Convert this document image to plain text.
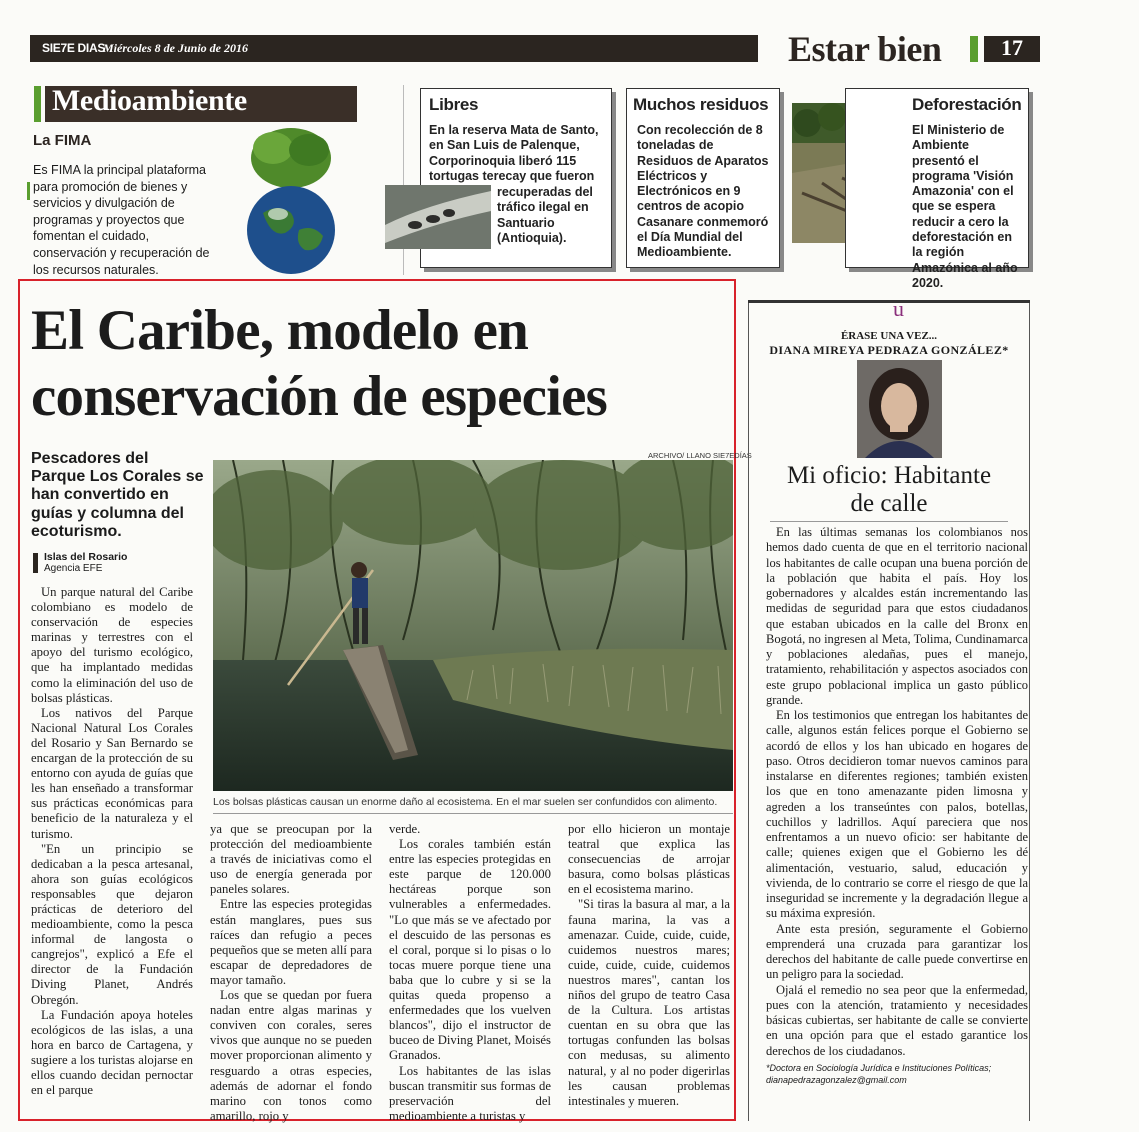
SIE7E DIAS
Miércoles 8 de Junio de 2016	Estar bien	17
Medioambiente
La FIMA
Es FIMA la principal plataforma para promoción de bienes y servicios y divulgación de programas y proyectos que fomentan el cuidado, conservación y recuperación de los recursos naturales.
Libres
En la reserva Mata de Santo, en San Luis de Palenque, Corporinoquia liberó 115 tortugas terecay que fueron
recuperadas del tráfico ilegal en Santuario (Antioquia).
Muchos residuos
Con recolección de 8 toneladas de Residuos de Aparatos Eléctricos y Electrónicos en 9 centros de acopio Casanare conmemoró el Día Mundial del Medioambiente.
Deforestación
El Ministerio de Ambiente presentó el programa 'Visión Amazonia' con el que se espera reducir a cero la deforestación en la región Amazónica al año 2020.
El Caribe, modelo en
conservación de especies
Pescadores del Parque Los Corales se han convertido en guías y columna del ecoturismo.
Islas del Rosario
Agencia EFE
ARCHIVO/ LLANO SIE7EDÍAS
Los bolsas plásticas causan un enorme daño al ecosistema. En el mar suelen ser confundidos con alimento.

Un parque natural del Caribe colombiano es modelo de conservación de especies marinas y terrestres con el apoyo del turismo ecológico, que ha implantado medidas como la eliminación del uso de bolsas plásticas.

Los nativos del Parque Nacional Natural Los Corales del Rosario y San Bernardo se encargan de la protección de su entorno con ayuda de guías que les han enseñado a transformar sus prácticas económicas para beneficio de la naturaleza y el turismo.

"En un principio se dedicaban a la pesca artesanal, ahora son guías ecológicos responsables que dejaron prácticas de deterioro del medioambiente, como la pesca informal de langosta o cangrejos", explicó a Efe el director de la Fundación Diving Planet, Andrés Obregón.

La Fundación apoya hoteles ecológicos de las islas, a una hora en barco de Cartagena, y sugiere a los turistas alojarse en ellos cuando decidan pernoctar en el parque

ya que se preocupan por la protección del medioambiente a través de iniciativas como el uso de energía generada por paneles solares.

Entre las especies protegidas están manglares, pues sus raíces dan refugio a peces pequeños que se meten allí para escapar de depredadores de mayor tamaño.

Los que se quedan por fuera nadan entre algas marinas y conviven con corales, seres vivos que aunque no se pueden mover proporcionan alimento y resguardo a otras especies, además de adornar el fondo marino con tonos como amarillo, rojo y

verde.

Los corales también están entre las especies protegidas en este parque de 120.000 hectáreas porque son vulnerables a enfermedades. "Lo que más se ve afectado por el descuido de las personas es el coral, porque si lo pisas o lo tocas muere porque tiene una baba que lo cubre y si se la quitas queda propenso a enfermedades que los vuelven blancos", dijo el instructor de buceo de Diving Planet, Moisés Granados.

Los habitantes de las islas buscan transmitir sus formas de preservación del medioambiente a turistas y

por ello hicieron un montaje teatral que explica las consecuencias de arrojar basura, como bolsas plásticas en el ecosistema marino.

"Si tiras la basura al mar, a la fauna marina, la vas a amenazar. Cuide, cuide, cuide, cuidemos nuestros mares; cuide, cuide, cuide, cuidemos nuestros mares", cantan los niños del grupo de teatro Casa de la Cultura. Los artistas cuentan en su obra que las tortugas confunden las bolsas con medusas, su alimento natural, y al no poder digerirlas les causan problemas intestinales y mueren.

u
ÉRASE UNA VEZ...
DIANA MIREYA PEDRAZA GONZÁLEZ*
Mi oficio: Habitante
de calle

En las últimas semanas los colombianos nos hemos dado cuenta de que en el territorio nacional los habitantes de calle ocupan una buena porción de la población que habita el país. Hoy los gobernadores y alcaldes están incrementando las medidas de seguridad para que estos ciudadanos que estaban ubicados en la calle del Bronx en Bogotá, no ingresen al Meta, Tolima, Cundinamarca y poblaciones aledañas, pues el manejo, tratamiento, rehabilitación y aspectos asociados con este grupo poblacional implica un gasto público grande.

En los testimonios que entregan los habitantes de calle, algunos están felices porque el Gobierno se acordó de ellos y los han ubicado en hogares de paso. Otros decidieron tomar nuevos caminos para instalarse en diferentes regiones; también existen los que en tono amenazante piden limosna y agreden a los transeúntes con palos, botellas, cuchillos y ladrillos. Aquí pareciera que nos enfrentamos a un nuevo oficio: ser habitante de calle; quienes exigen que el Gobierno les dé alimentación, vestuario, salud, educación y vivienda, de lo contrario se corre el riesgo de que la inseguridad se incremente y la degradación llegue a su máxima expresión.

Ante esta presión, seguramente el Gobierno emprenderá una cruzada para garantizar los derechos del habitante de calle puede convertirse en un peligro para la sociedad.

Ojalá el remedio no sea peor que la enfermedad, pues con la atención, tratamiento y necesidades básicas cubiertas, ser habitante de calle se convierte en una opción para que el estado garantice los derechos de los ciudadanos.

*Doctora en Sociología Jurídica e Instituciones Políticas;
dianapedrazagonzalez@gmail.com
